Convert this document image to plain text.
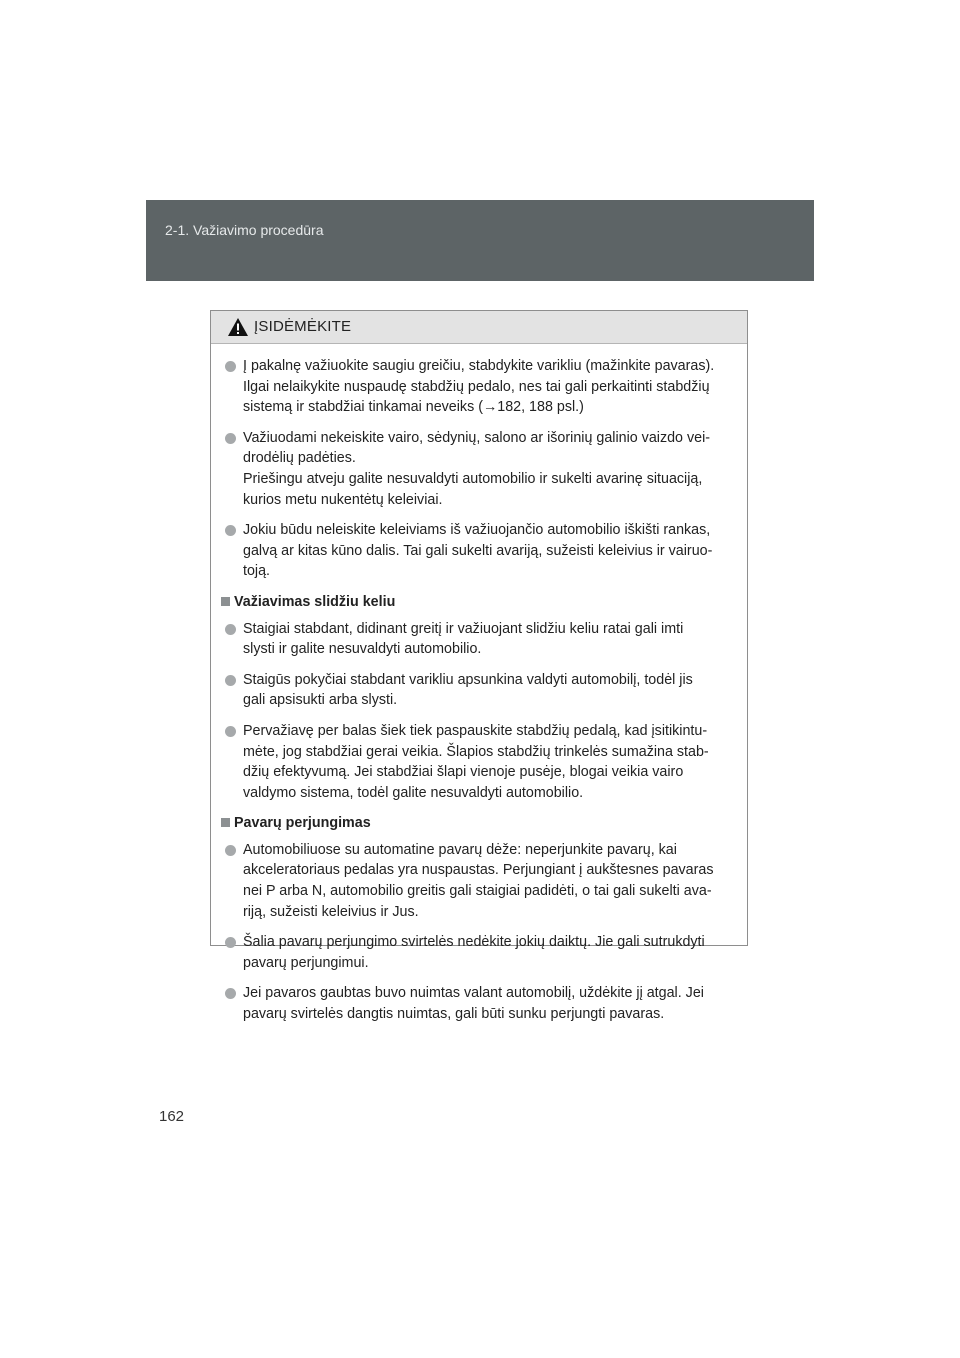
2-1. Važiavimo procedūra
ĮSIDĖMĖKITE
Į pakalnę važiuokite saugiu greičiu, stabdykite varikliu (mažinkite pavaras).
Ilgai nelaikykite nuspaudę stabdžių pedalo, nes tai gali perkaitinti stabdžių
sistemą ir stabdžiai tinkamai neveiks (→182, 188 psl.)
Važiuodami nekeiskite vairo, sėdynių, salono ar išorinių galinio vaizdo vei-
drodėlių padėties.
Priešingu atveju galite nesuvaldyti automobilio ir sukelti avarinę situaciją,
kurios metu nukentėtų keleiviai.
Jokiu būdu neleiskite keleiviams iš važiuojančio automobilio iškišti rankas,
galvą ar kitas kūno dalis. Tai gali sukelti avariją, sužeisti keleivius ir vairuo-
toją.
Važiavimas slidžiu keliu
Staigiai stabdant, didinant greitį ir važiuojant slidžiu keliu ratai gali imti
slysti ir galite nesuvaldyti automobilio.
Staigūs pokyčiai stabdant varikliu apsunkina valdyti automobilį, todėl jis
gali apsisukti arba slysti.
Pervažiavę per balas šiek tiek paspauskite stabdžių pedalą, kad įsitikintu-
mėte, jog stabdžiai gerai veikia. Šlapios stabdžių trinkelės sumažina stab-
džių efektyvumą. Jei stabdžiai šlapi vienoje pusėje, blogai veikia vairo
valdymo sistema, todėl galite nesuvaldyti automobilio.
Pavarų perjungimas
Automobiliuose su automatine pavarų dėže: neperjunkite pavarų, kai
akceleratoriaus pedalas yra nuspaustas. Perjungiant į aukštesnes pavaras
nei P arba N, automobilio greitis gali staigiai padidėti, o tai gali sukelti ava-
riją, sužeisti keleivius ir Jus.
Šalia pavarų perjungimo svirtelės nedėkite jokių daiktų. Jie gali sutrukdyti
pavarų perjungimui.
Jei pavaros gaubtas buvo nuimtas valant automobilį, uždėkite jį atgal. Jei
pavarų svirtelės dangtis nuimtas, gali būti sunku perjungti pavaras.
162
